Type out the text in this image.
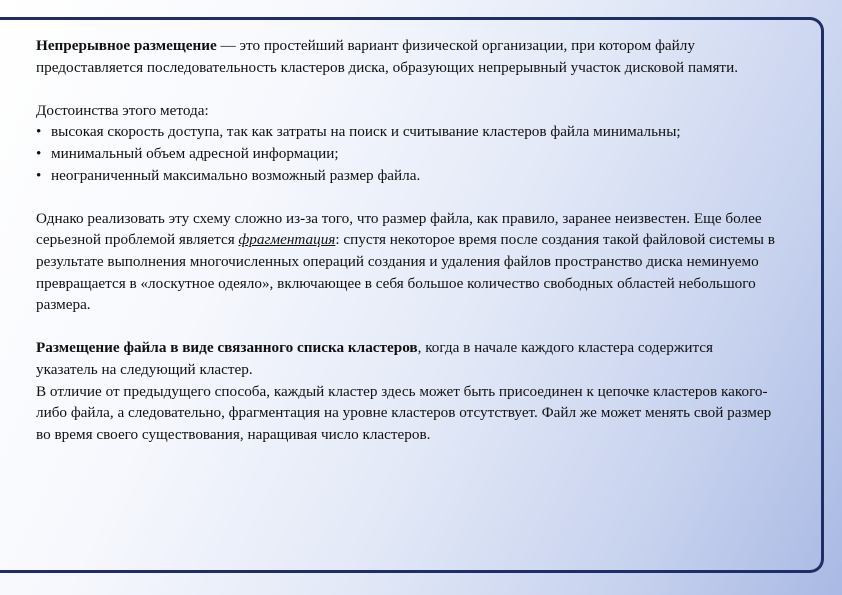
Непрерывное размещение — это простейший вариант физической организации, при котором файлу предоставляется последовательность кластеров диска, образующих непрерывный участок дисковой памяти.

Достоинства этого метода:

• высокая скорость доступа, так как затраты на поиск и считывание кластеров файла минимальны;
• минимальный объем адресной информации;
• неограниченный максимально возможный размер файла.

Однако реализовать эту схему сложно из-за того, что размер файла, как правило, заранее неизвестен. Еще более серьезной проблемой является фрагментация: спустя некоторое время после создания такой файловой системы в результате выполнения многочисленных операций создания и удаления файлов пространство диска неминуемо превращается в «лоскутное одеяло», включающее в себя большое количество свободных областей небольшого размера.

Размещение файла в виде связанного списка кластеров, когда в начале каждого кластера содержится указатель на следующий кластер.

В отличие от предыдущего способа, каждый кластер здесь может быть присоединен к цепочке кластеров какого-либо файла, а следовательно, фрагментация на уровне кластеров отсутствует. Файл же может менять свой размер во время своего существования, наращивая число кластеров.
